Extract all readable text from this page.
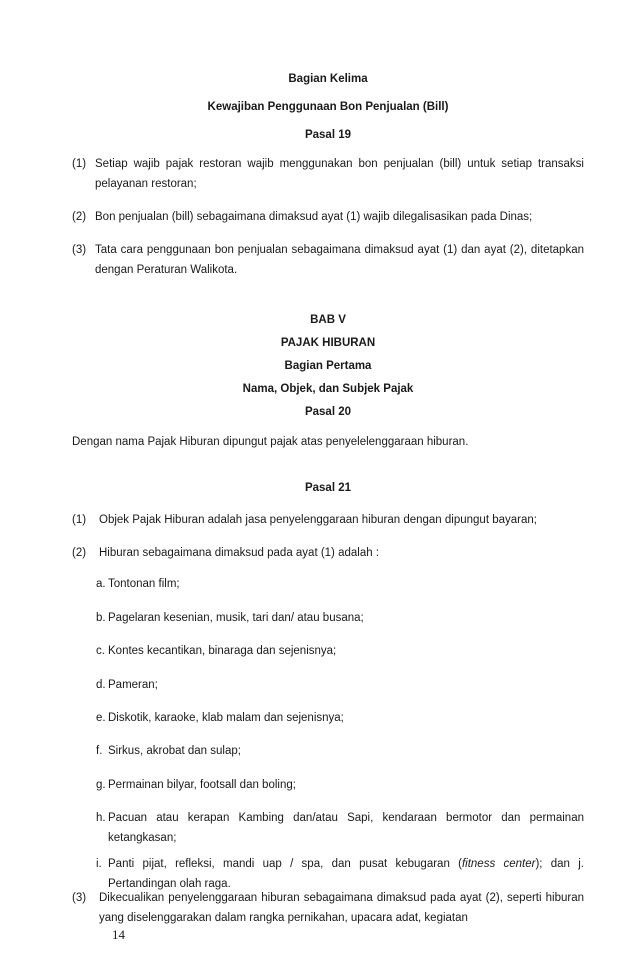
Bagian Kelima
Kewajiban Penggunaan Bon Penjualan (Bill)
Pasal 19
(1) Setiap wajib pajak restoran wajib menggunakan bon penjualan (bill) untuk setiap transaksi pelayanan restoran;
(2) Bon penjualan (bill) sebagaimana dimaksud ayat (1) wajib dilegalisasikan pada Dinas;
(3) Tata cara penggunaan bon penjualan sebagaimana dimaksud ayat (1) dan ayat (2), ditetapkan dengan Peraturan Walikota.
BAB V
PAJAK HIBURAN
Bagian Pertama
Nama, Objek, dan Subjek Pajak
Pasal 20
Dengan nama Pajak Hiburan dipungut pajak atas penyelelenggaraan hiburan.
Pasal 21
(1) Objek Pajak Hiburan adalah jasa penyelenggaraan hiburan dengan dipungut bayaran;
(2) Hiburan sebagaimana dimaksud pada ayat (1) adalah :
a. Tontonan film;
b. Pagelaran kesenian, musik, tari dan/ atau busana;
c. Kontes kecantikan, binaraga dan sejenisnya;
d. Pameran;
e. Diskotik, karaoke, klab malam dan sejenisnya;
f. Sirkus, akrobat dan sulap;
g. Permainan bilyar, footsall dan boling;
h. Pacuan atau kerapan Kambing dan/atau Sapi, kendaraan bermotor dan permainan ketangkasan;
i. Panti pijat, refleksi, mandi uap / spa, dan pusat kebugaran (fitness center); dan j. Pertandingan olah raga.
(3) Dikecualikan penyelenggaraan hiburan sebagaimana dimaksud pada ayat (2), seperti hiburan yang diselenggarakan dalam rangka pernikahan, upacara adat, kegiatan
14
